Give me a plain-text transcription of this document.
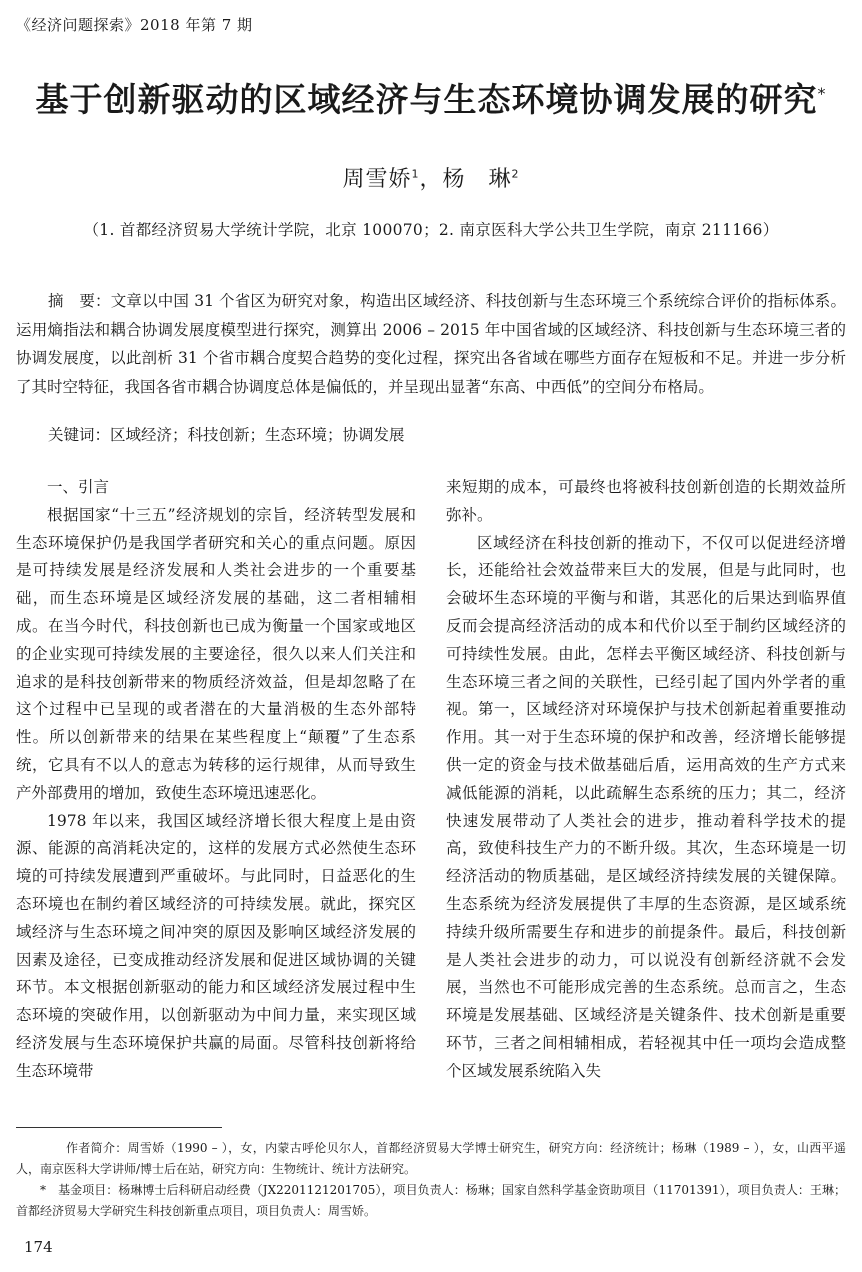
《经济问题探索》2018 年第 7 期
基于创新驱动的区域经济与生态环境协调发展的研究*
周雪娇$^1$，杨　琳$^2$
（1. 首都经济贸易大学统计学院，北京 100070；2. 南京医科大学公共卫生学院，南京 211166）

摘　要：文章以中国 31 个省区为研究对象，构造出区域经济、科技创新与生态环境三个系统综合评价的指标体系。运用熵指法和耦合协调发展度模型进行探究，测算出 2006 – 2015 年中国省域的区域经济、科技创新与生态环境三者的协调发展度，以此剖析 31 个省市耦合度契合趋势的变化过程，探究出各省域在哪些方面存在短板和不足。并进一步分析了其时空特征，我国各省市耦合协调度总体是偏低的，并呈现出显著“东高、中西低”的空间分布格局。

关键词：区域经济；科技创新；生态环境；协调发展

一、引言

根据国家“十三五”经济规划的宗旨，经济转型发展和生态环境保护仍是我国学者研究和关心的重点问题。原因是可持续发展是经济发展和人类社会进步的一个重要基础，而生态环境是区域经济发展的基础，这二者相辅相成。在当今时代，科技创新也已成为衡量一个国家或地区的企业实现可持续发展的主要途径，很久以来人们关注和追求的是科技创新带来的物质经济效益，但是却忽略了在这个过程中已呈现的或者潜在的大量消极的生态外部特性。所以创新带来的结果在某些程度上“颠覆”了生态系统，它具有不以人的意志为转移的运行规律，从而导致生产外部费用的增加，致使生态环境迅速恶化。

1978 年以来，我国区域经济增长很大程度上是由资源、能源的高消耗决定的，这样的发展方式必然使生态环境的可持续发展遭到严重破坏。与此同时，日益恶化的生态环境也在制约着区域经济的可持续发展。就此，探究区域经济与生态环境之间冲突的原因及影响区域经济发展的因素及途径，已变成推动经济发展和促进区域协调的关键环节。本文根据创新驱动的能力和区域经济发展过程中生态环境的突破作用，以创新驱动为中间力量，来实现区域经济发展与生态环境保护共赢的局面。尽管科技创新将给生态环境带

来短期的成本，可最终也将被科技创新创造的长期效益所弥补。

区域经济在科技创新的推动下，不仅可以促进经济增长，还能给社会效益带来巨大的发展，但是与此同时，也会破坏生态环境的平衡与和谐，其恶化的后果达到临界值反而会提高经济活动的成本和代价以至于制约区域经济的可持续性发展。由此，怎样去平衡区域经济、科技创新与生态环境三者之间的关联性，已经引起了国内外学者的重视。第一，区域经济对环境保护与技术创新起着重要推动作用。其一对于生态环境的保护和改善，经济增长能够提供一定的资金与技术做基础后盾，运用高效的生产方式来减低能源的消耗，以此疏解生态系统的压力；其二，经济快速发展带动了人类社会的进步，推动着科学技术的提高，致使科技生产力的不断升级。其次，生态环境是一切经济活动的物质基础，是区域经济持续发展的关键保障。生态系统为经济发展提供了丰厚的生态资源，是区域系统持续升级所需要生存和进步的前提条件。最后，科技创新是人类社会进步的动力，可以说没有创新经济就不会发展，当然也不可能形成完善的生态系统。总而言之，生态环境是发展基础、区域经济是关键条件、技术创新是重要环节，三者之间相辅相成，若轻视其中任一项均会造成整个区域发展系统陷入失

作者简介：周雪娇（1990 – ），女，内蒙古呼伦贝尔人，首都经济贸易大学博士研究生，研究方向：经济统计；杨琳（1989 – ），女，山西平遥人，南京医科大学讲师/博士后在站，研究方向：生物统计、统计方法研究。

*　基金项目：杨琳博士后科研启动经费（JX2201121201705），项目负责人：杨琳；国家自然科学基金资助项目（11701391），项目负责人：王琳；首都经济贸易大学研究生科技创新重点项目，项目负责人：周雪娇。

174
